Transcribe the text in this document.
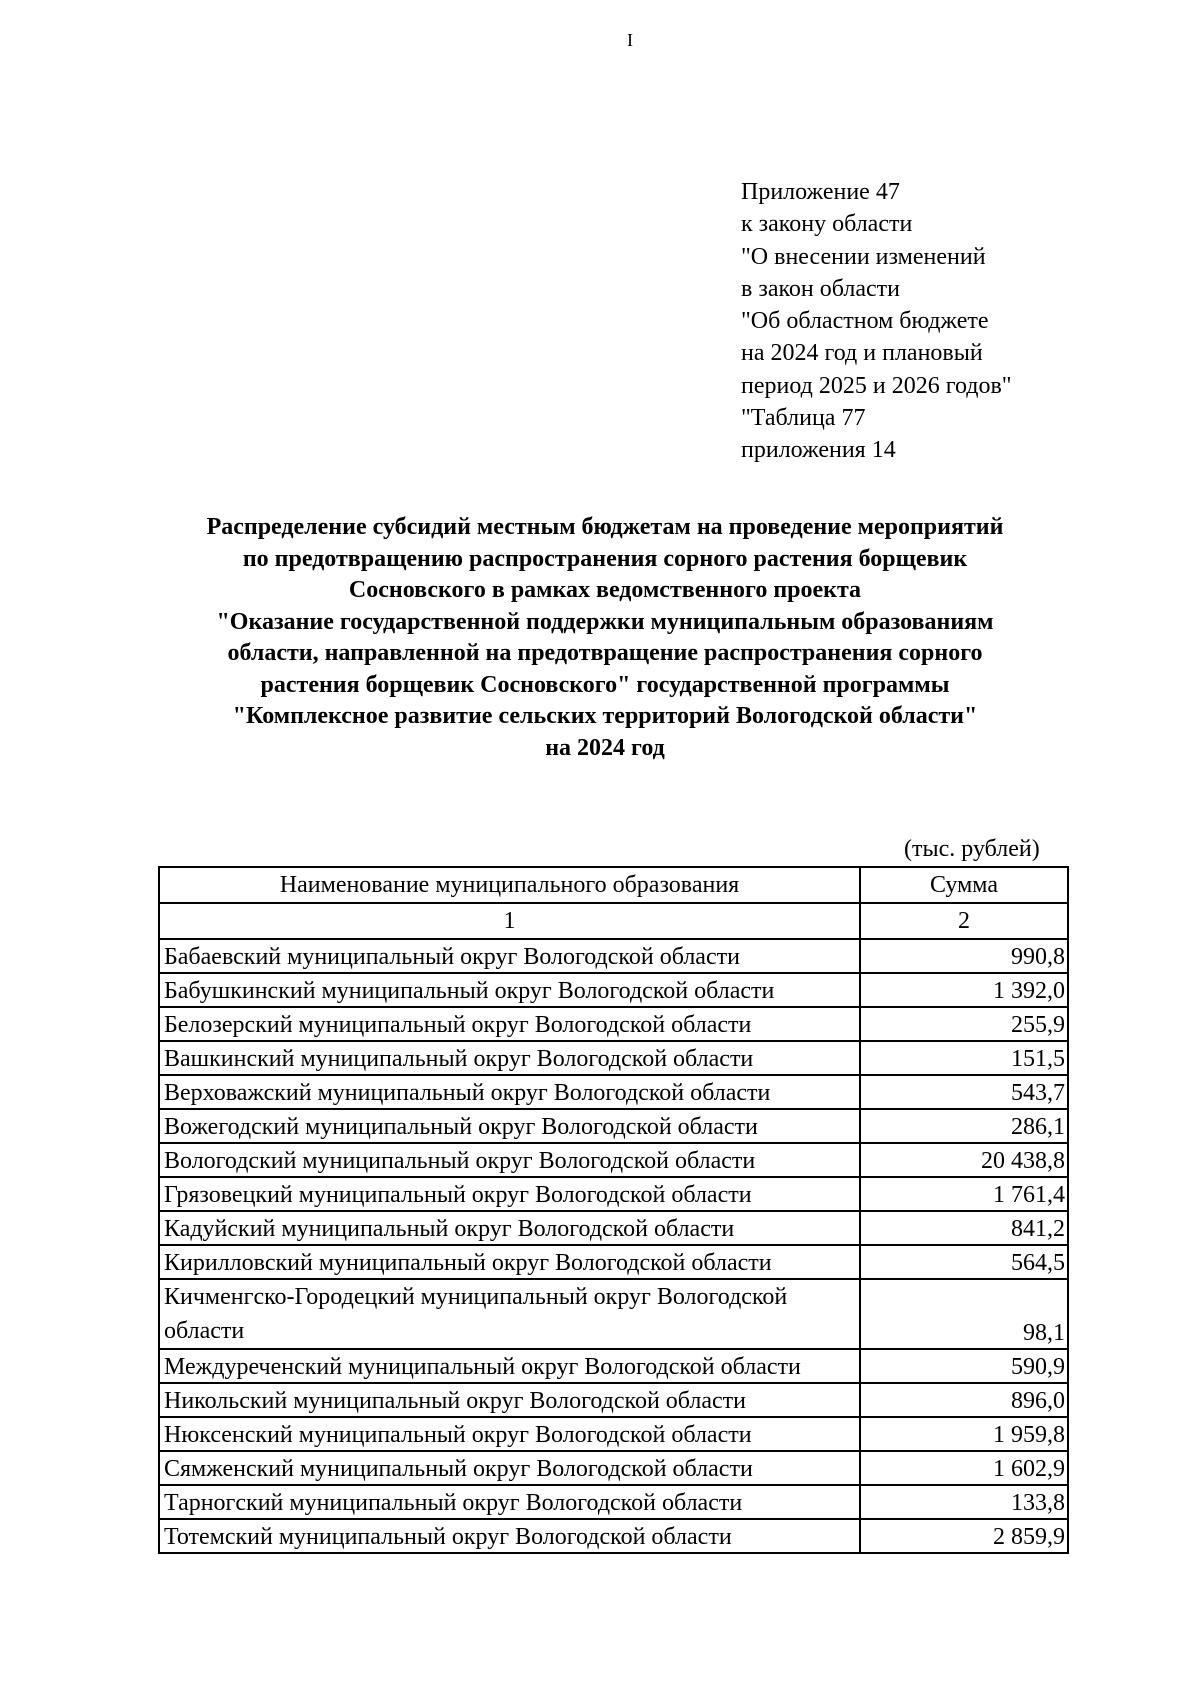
I
Приложение 47
к закону области
"О внесении изменений
в закон области
"Об областном бюджете
на 2024 год и плановый
период 2025 и 2026 годов"
"Таблица 77
приложения 14
Распределение субсидий местным бюджетам на проведение мероприятий
по предотвращению распространения сорного растения борщевик
Сосновского в рамках ведомственного проекта
"Оказание государственной поддержки муниципальным образованиям
области, направленной на предотвращение распространения сорного
растения борщевик Сосновского" государственной программы
"Комплексное развитие сельских территорий Вологодской области"
на 2024 год
(тыс. рублей)
Наименование муниципального образования	Сумма
1	2
Бабаевский муниципальный округ Вологодской области	990,8
Бабушкинский муниципальный округ Вологодской области	1 392,0
Белозерский муниципальный округ Вологодской области	255,9
Вашкинский муниципальный округ Вологодской области	151,5
Верховажский муниципальный округ Вологодской области	543,7
Вожегодский муниципальный округ Вологодской области	286,1
Вологодский муниципальный округ Вологодской области	20 438,8
Грязовецкий муниципальный округ Вологодской области	1 761,4
Кадуйский муниципальный округ Вологодской области	841,2
Кирилловский муниципальный округ Вологодской области	564,5
Кичменгско-Городецкий муниципальный округ Вологодской области	98,1
Междуреченский муниципальный округ Вологодской области	590,9
Никольский муниципальный округ Вологодской области	896,0
Нюксенский муниципальный округ Вологодской области	1 959,8
Сямженский муниципальный округ Вологодской области	1 602,9
Тарногский муниципальный округ Вологодской области	133,8
Тотемский муниципальный округ Вологодской области	2 859,9
